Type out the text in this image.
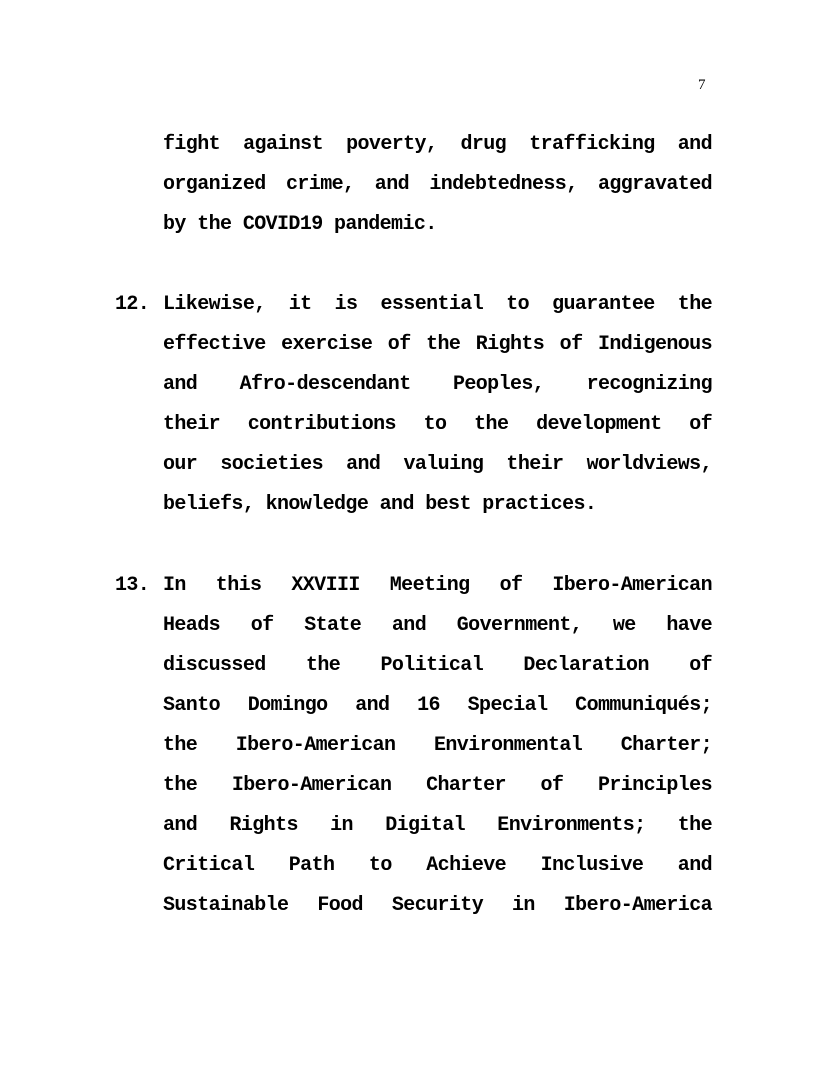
7
fight against poverty, drug trafficking and
organized crime, and indebtedness, aggravated
by the COVID19 pandemic.
12. Likewise, it is essential to guarantee the
effective exercise of the Rights of Indigenous
and Afro-descendant Peoples, recognizing
their contributions to the development of
our societies and valuing their worldviews,
beliefs, knowledge and best practices.
13. In this XXVIII Meeting of Ibero-American
Heads of State and Government, we have
discussed the Political Declaration of
Santo Domingo and 16 Special Communiqués;
the Ibero-American Environmental Charter;
the Ibero-American Charter of Principles
and Rights in Digital Environments; the
Critical Path to Achieve Inclusive and
Sustainable Food Security in Ibero-America
